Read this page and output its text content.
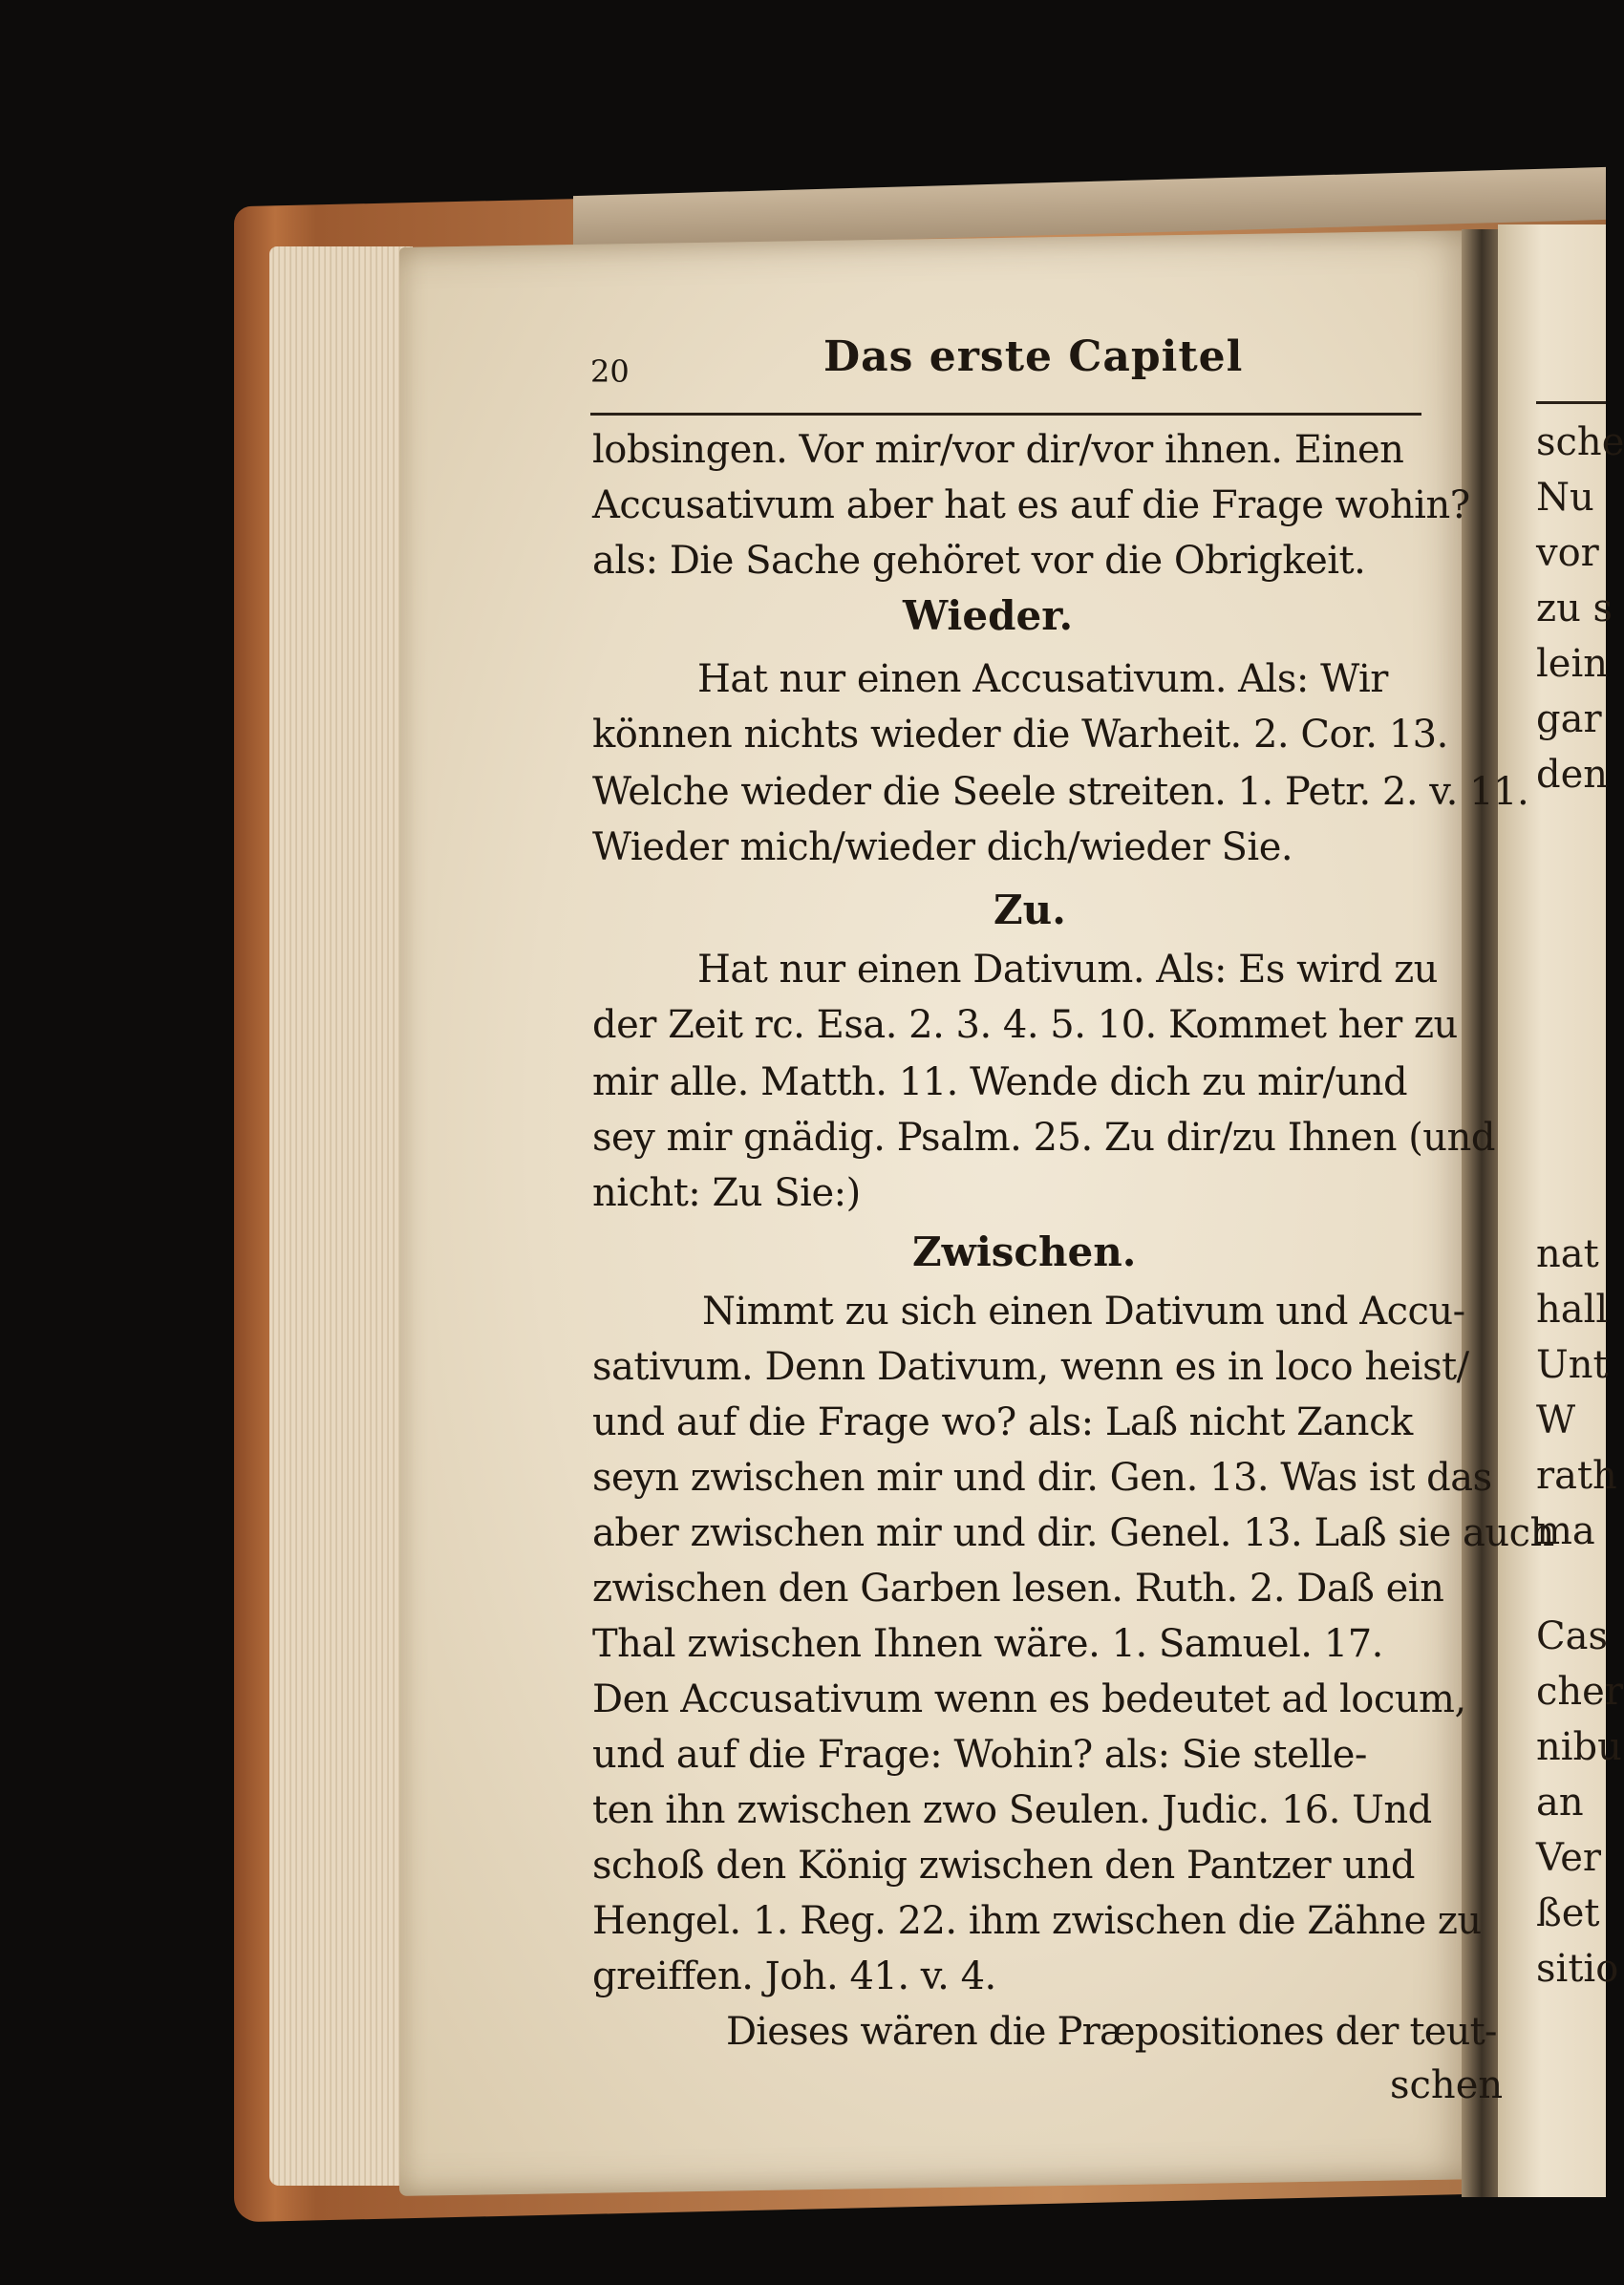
20	Das erste Capitel
lobsingen. Vor mir/vor dir/vor ihnen. Einen
Accusativum aber hat es auf die Frage wohin?
als: Die Sache gehöret vor die Obrigkeit.
Wieder.
Hat nur einen Accusativum. Als: Wir
können nichts wieder die Warheit. 2. Cor. 13.
Welche wieder die Seele streiten. 1. Petr. 2. v. 11.
Wieder mich/wieder dich/wieder Sie.
Zu.
Hat nur einen Dativum. Als: Es wird zu
der Zeit rc. Esa. 2. 3. 4. 5. 10. Kommet her zu
mir alle. Matth. 11. Wende dich zu mir/und
sey mir gnädig. Psalm. 25. Zu dir/zu Ihnen (und
nicht: Zu Sie:)
Zwischen.
Nimmt zu sich einen Dativum und Accu-
sativum. Denn Dativum, wenn es in loco heist/
und auf die Frage wo? als: Laß nicht Zanck
seyn zwischen mir und dir. Gen. 13. Was ist das
aber zwischen mir und dir. Genel. 13. Laß sie auch
zwischen den Garben lesen. Ruth. 2. Daß ein
Thal zwischen Ihnen wäre. 1. Samuel. 17.
Den Accusativum wenn es bedeutet ad locum,
und auf die Frage: Wohin? als: Sie stelle-
ten ihn zwischen zwo Seulen. Judic. 16. Und
schoß den König zwischen den Pantzer und
Hengel. 1. Reg. 22. ihm zwischen die Zähne zu
greiffen. Joh. 41. v. 4.
Dieses wären die Præpositiones der teut-
schen
sche
Nu
vor
zu s
lein
gar
den
nat
hall
Unt
W
rath
ma
Cas
cher
nibu
an
Ver
ßet
sitio
